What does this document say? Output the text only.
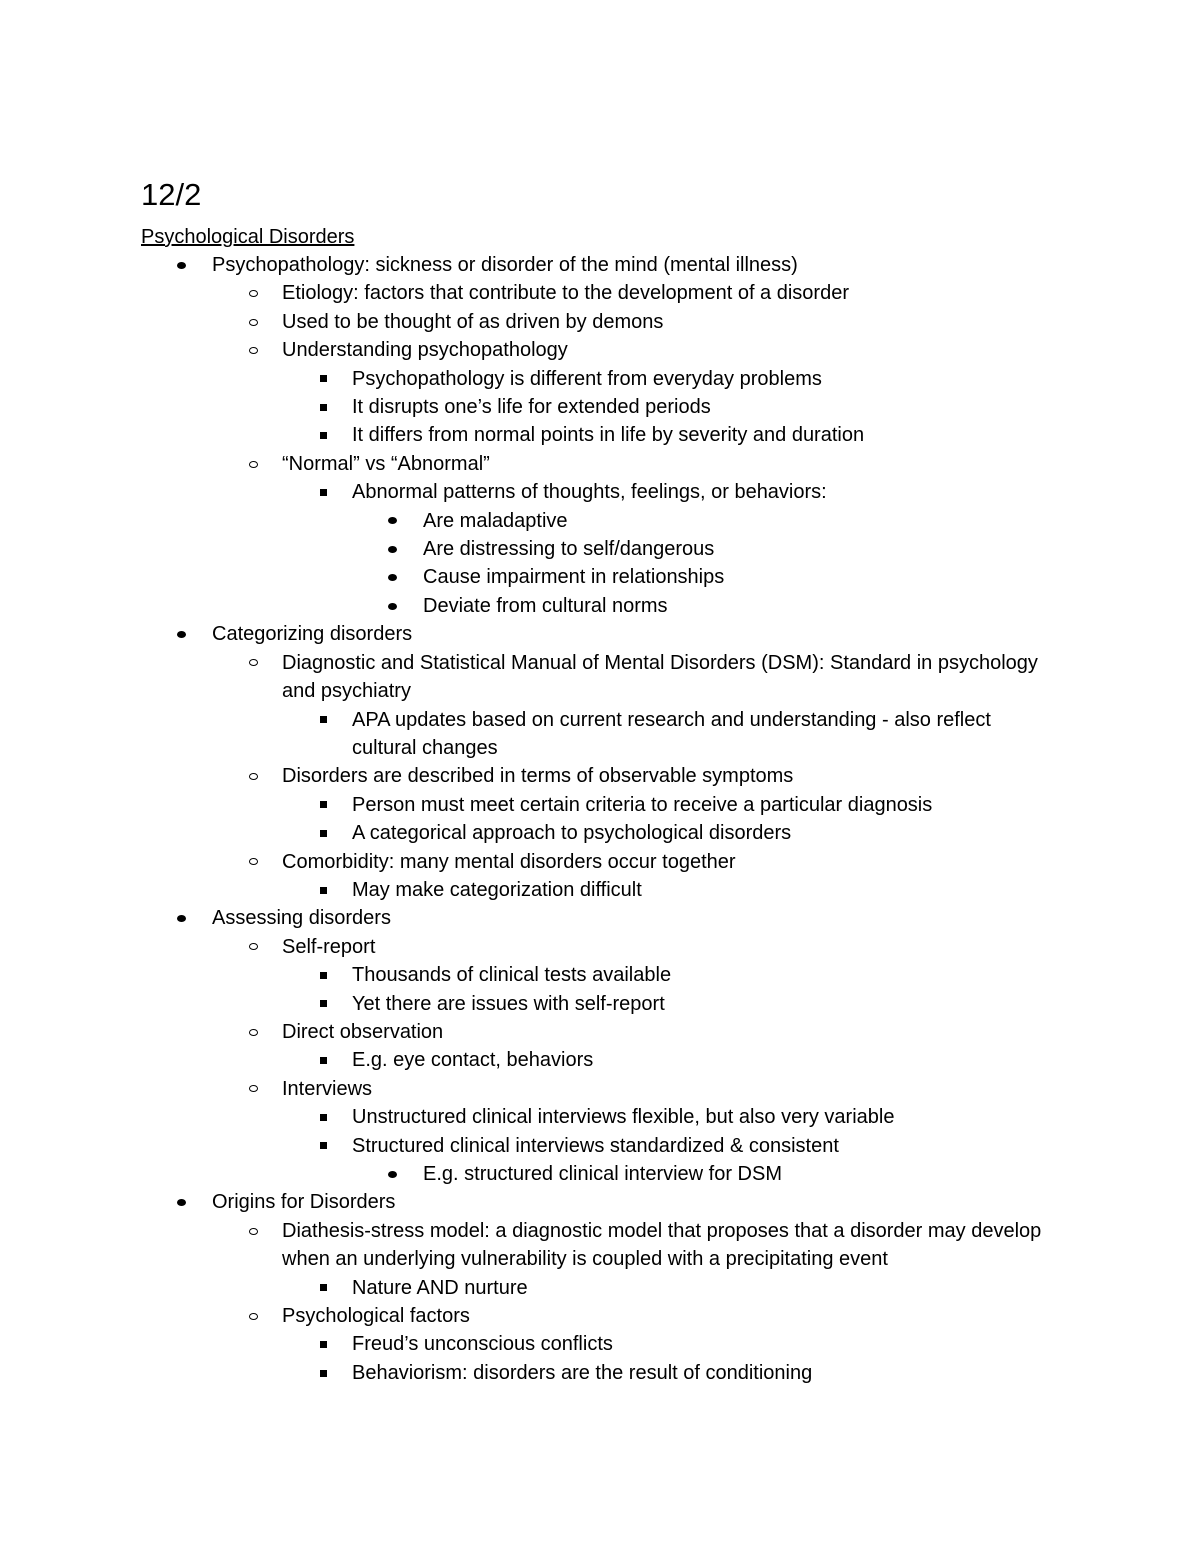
12/2
Psychological Disorders
Psychopathology: sickness or disorder of the mind (mental illness)
Etiology: factors that contribute to the development of a disorder
Used to be thought of as driven by demons
Understanding psychopathology
Psychopathology is different from everyday problems
It disrupts one’s life for extended periods
It differs from normal points in life by severity and duration
“Normal” vs “Abnormal”
Abnormal patterns of thoughts, feelings, or behaviors:
Are maladaptive
Are distressing to self/dangerous
Cause impairment in relationships
Deviate from cultural norms
Categorizing disorders
Diagnostic and Statistical Manual of Mental Disorders (DSM): Standard in psychology and psychiatry
APA updates based on current research and understanding - also reflect cultural changes
Disorders are described in terms of observable symptoms
Person must meet certain criteria to receive a particular diagnosis
A categorical approach to psychological disorders
Comorbidity: many mental disorders occur together
May make categorization difficult
Assessing disorders
Self-report
Thousands of clinical tests available
Yet there are issues with self-report
Direct observation
E.g. eye contact, behaviors
Interviews
Unstructured clinical interviews flexible, but also very variable
Structured clinical interviews standardized & consistent
E.g. structured clinical interview for DSM
Origins for Disorders
Diathesis-stress model: a diagnostic model that proposes that a disorder may develop when an underlying vulnerability is coupled with a precipitating event
Nature AND nurture
Psychological factors
Freud’s unconscious conflicts
Behaviorism: disorders are the result of conditioning
